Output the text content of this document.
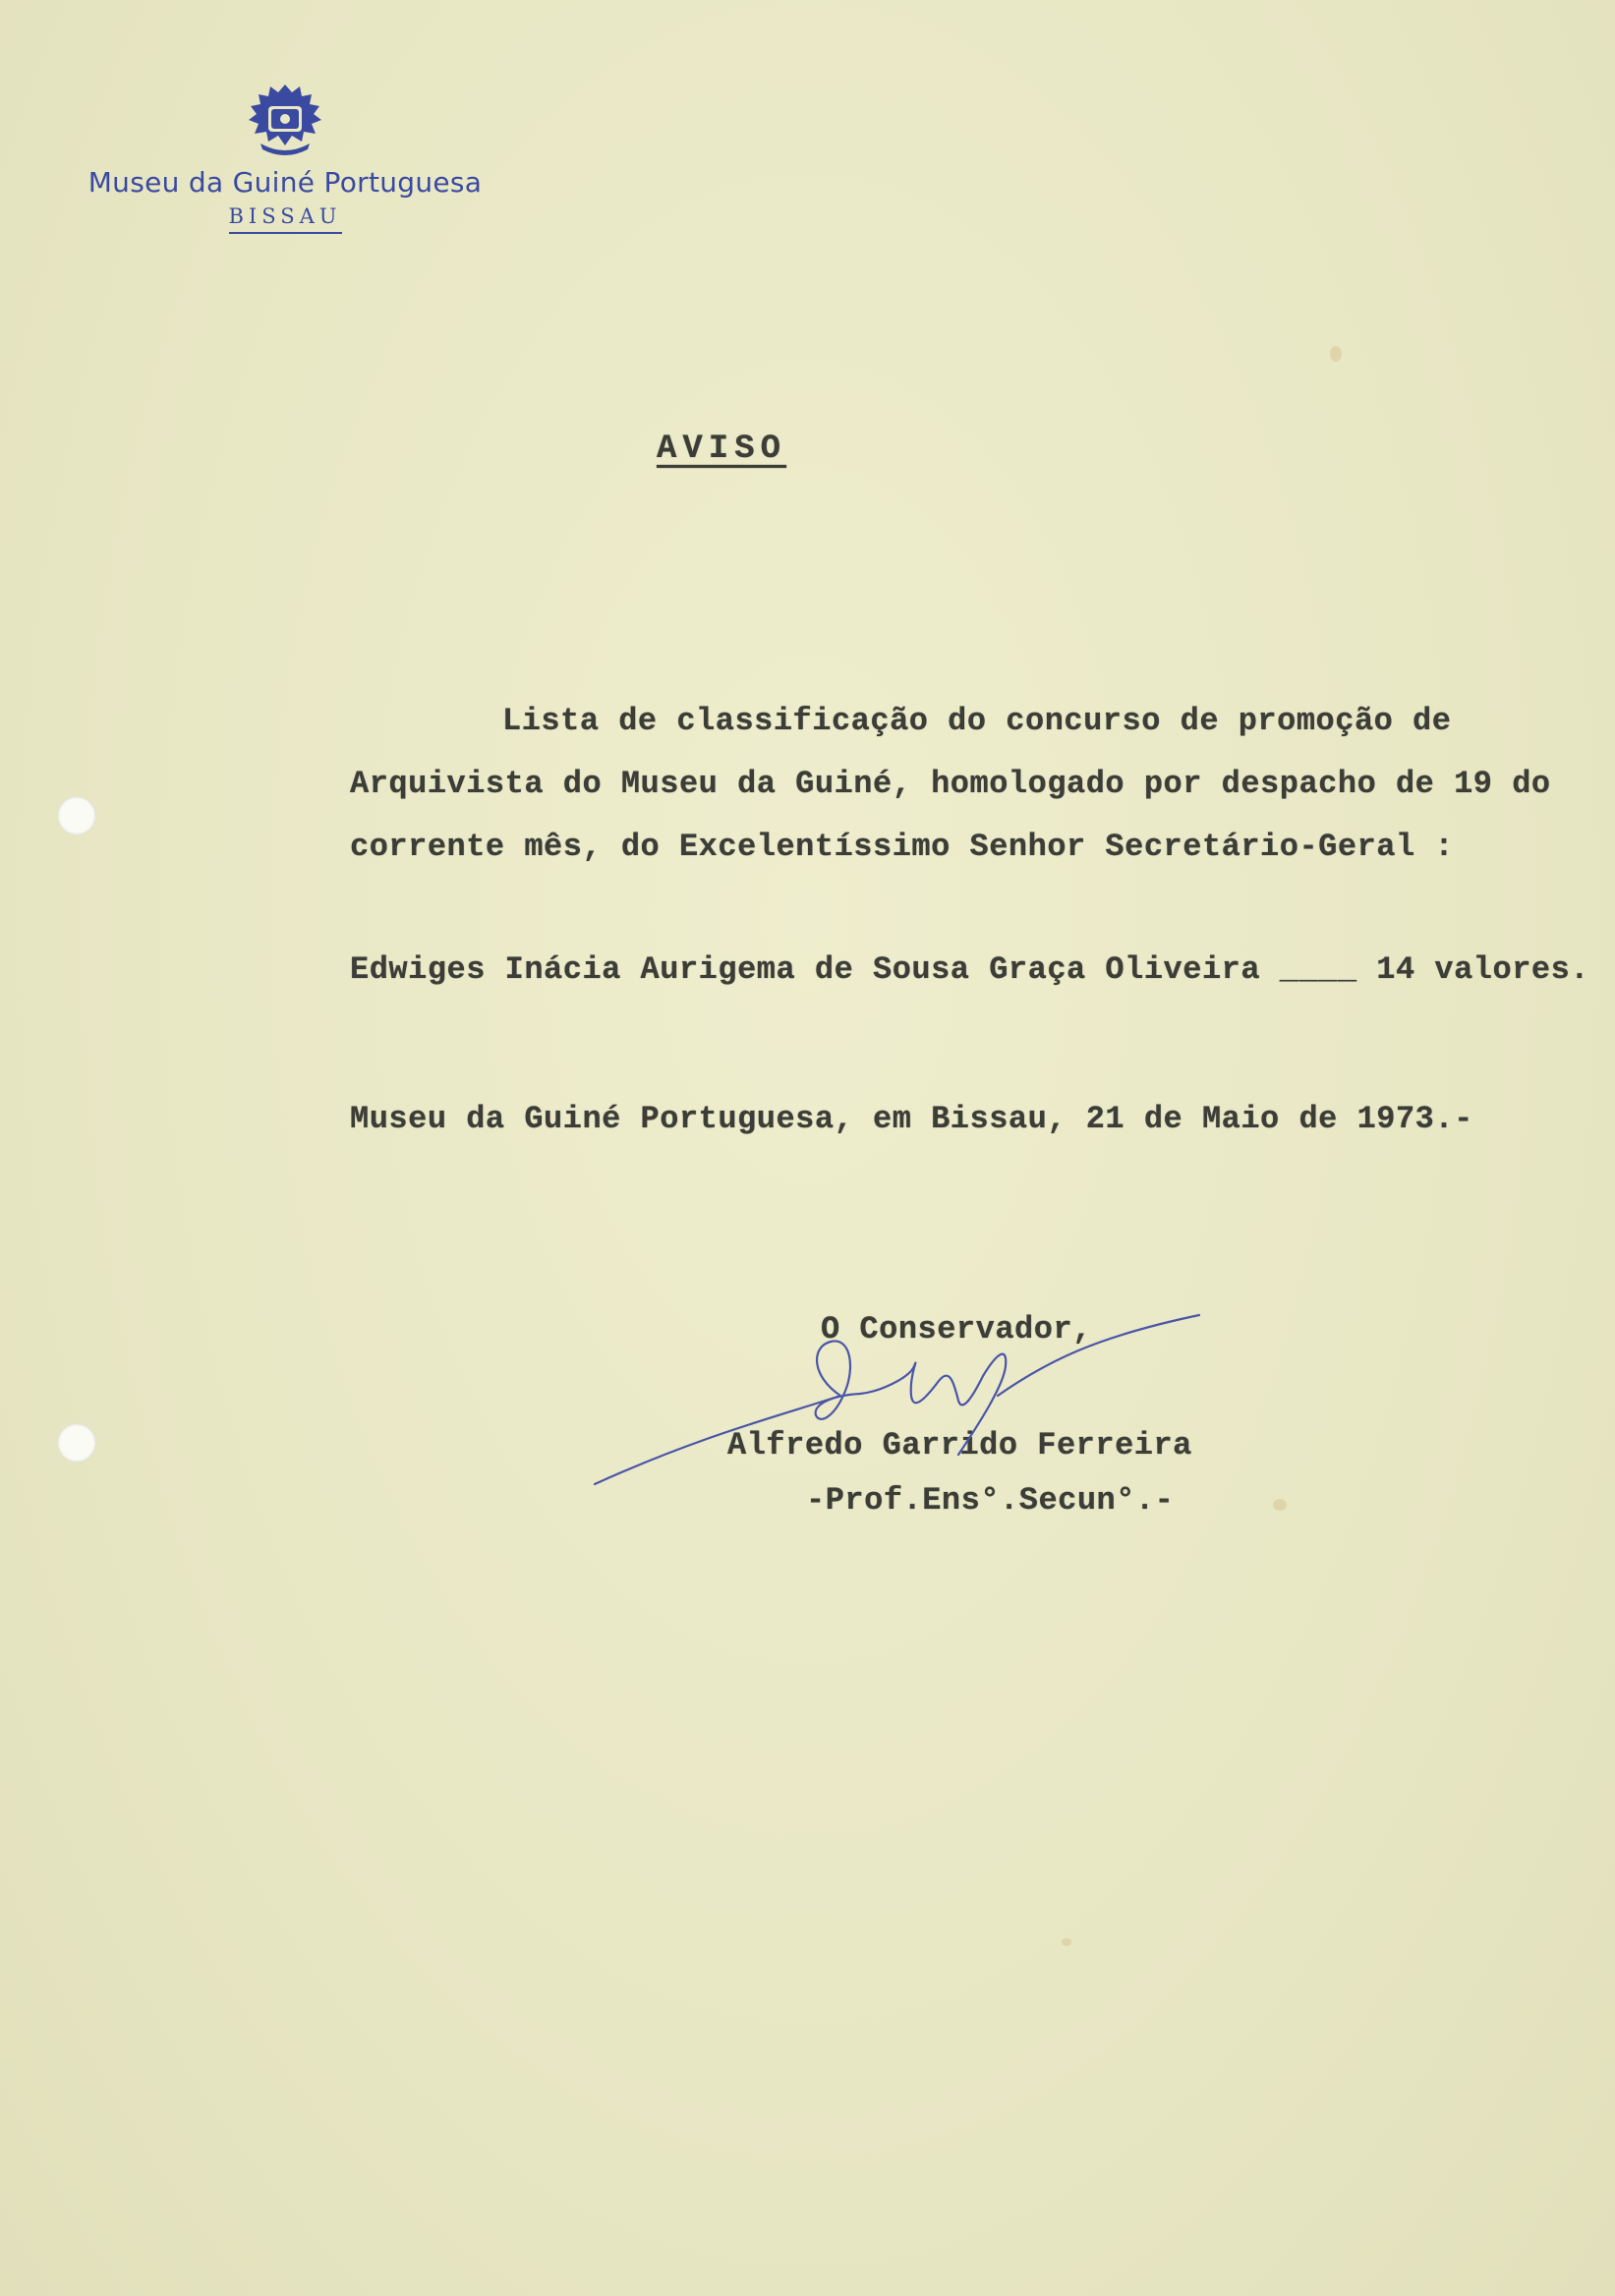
Museu da Guiné Portuguesa
BISSAU
AVISO
Lista de classificação do concurso de promoção de Arquivista do Museu da Guiné, homologado por despacho de 19 do corrente mês, do Excelentíssimo Senhor Secretário-Geral :
Edwiges Inácia Aurigema de Sousa Graça Oliveira ____ 14 valores.
Museu da Guiné Portuguesa, em Bissau, 21 de Maio de 1973.-
O Conservador,
Alfredo Garrido Ferreira
-Prof.Ens°.Secun°.-
